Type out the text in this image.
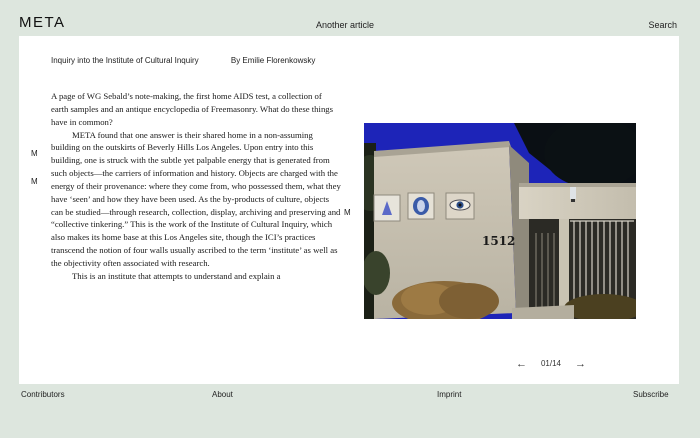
META	Another article	Search
Inquiry into the Institute of Cultural Inquiry	By Emilie Florenkowsky

A page of WG Sebald’s note-making, the first home AIDS test, a collection of earth samples and an antique encyclopedia of Freemasonry. What do these things have in common?

META found that one answer is their shared home in a non-assuming building on the outskirts of Beverly Hills Los Angeles. Upon entry into this building, one is struck with the subtle yet palpable energy that is generated from such objects—the carriers of information and history. Objects are charged with the energy of their provenance: where they come from, who possessed them, what they have ‘seen’ and how they have been used. As the by-products of culture, objects can be studied—through research, collection, display, archiving and preserving and “collective tinkering.” This is the work of the Institute of Cultural Inquiry, which also makes its home base at this Los Angeles site, though the ICI’s practices transcend the notion of four walls usually ascribed to the term ‘institute’ as well as the objectivity often associated with research.

This is an institute that attempts to understand and explain a

M
M
M
1512
← 01/14 →
Contributors	About	Imprint	Subscribe
